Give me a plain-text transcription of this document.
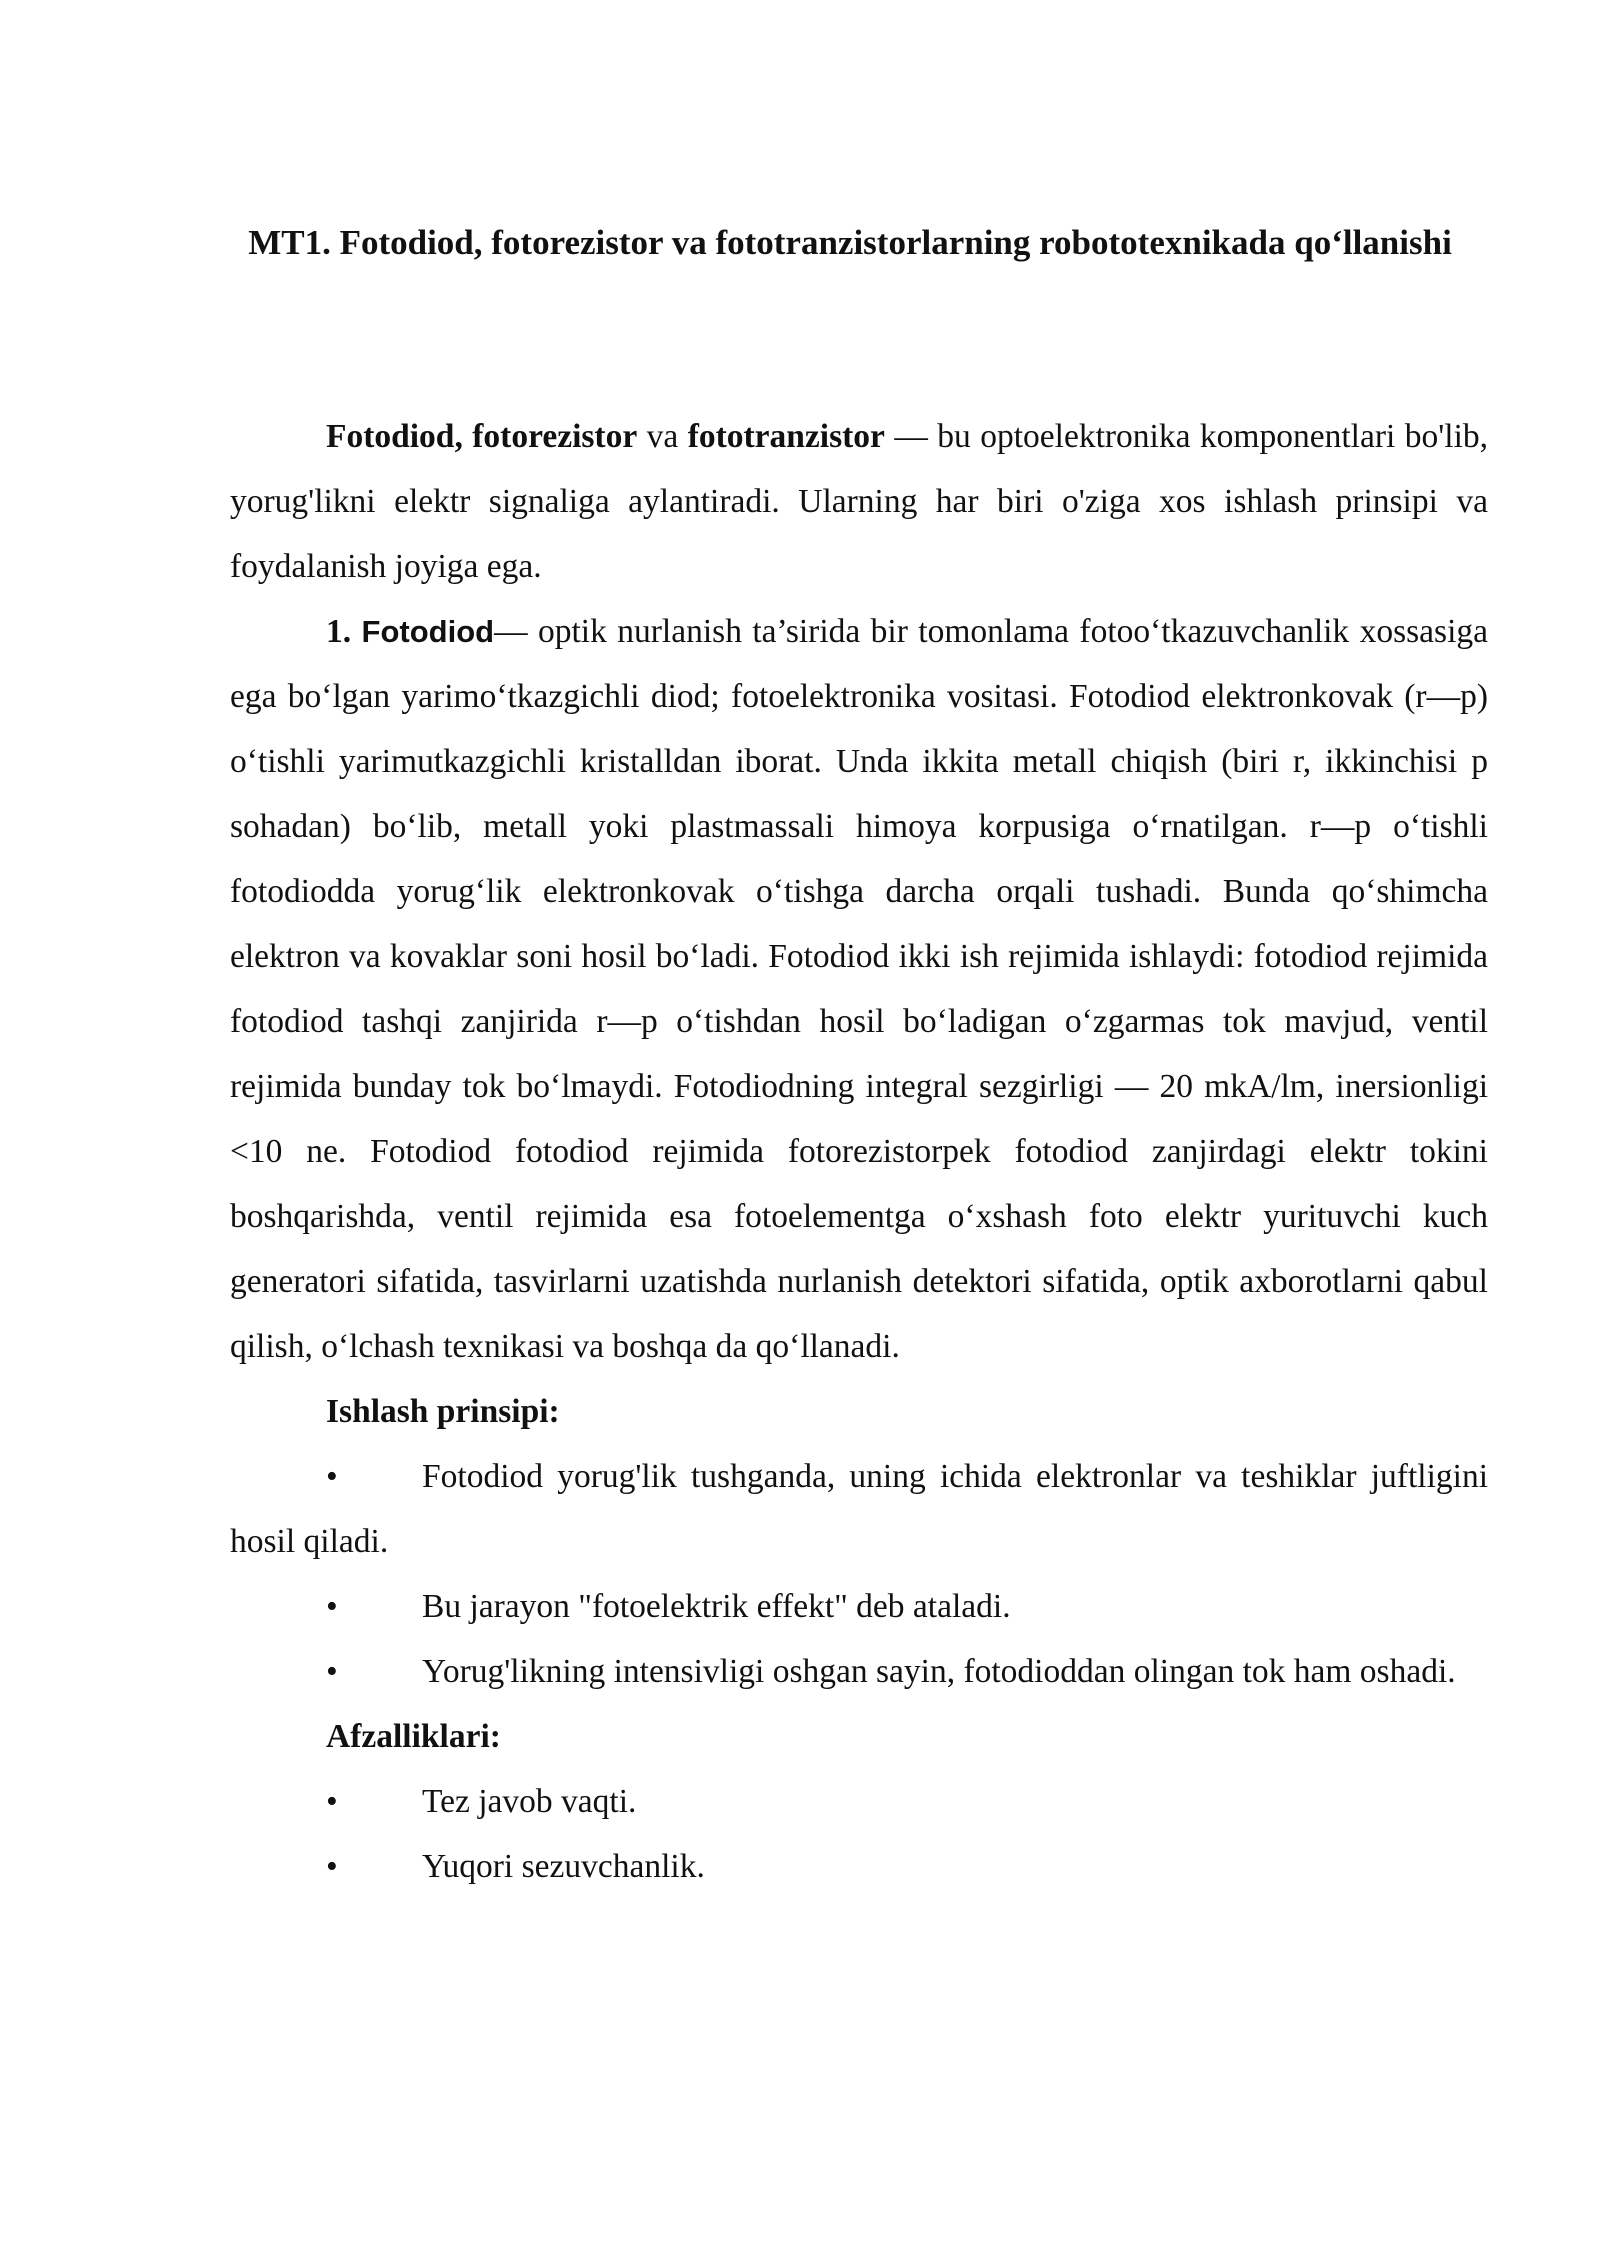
MT1. Fotodiod, fotorezistor va fototranzistorlarning robototexnikada qo‘llanishi

Fotodiod, fotorezistor va fototranzistor — bu optoelektronika komponentlari bo'lib, yorug'likni elektr signaliga aylantiradi. Ularning har biri o'ziga xos ishlash prinsipi va foydalanish joyiga ega.

1. Fotodiod— optik nurlanish ta’sirida bir tomonlama fotoo‘tkazuvchanlik xossasiga ega bo‘lgan yarimo‘tkazgichli diod; fotoelektronika vositasi. Fotodiod elektronkovak (r—p) o‘tishli yarimutkazgichli kristalldan iborat. Unda ikkita metall chiqish (biri r, ikkinchisi p sohadan) bo‘lib, metall yoki plastmassali himoya korpusiga o‘rnatilgan. r—p o‘tishli fotodiodda yorug‘lik elektronkovak o‘tishga darcha orqali tushadi. Bunda qo‘shimcha elektron va kovaklar soni hosil bo‘ladi. Fotodiod ikki ish rejimida ishlaydi: fotodiod rejimida fotodiod tashqi zanjirida r—p o‘tishdan hosil bo‘ladigan o‘zgarmas tok mavjud, ventil rejimida bunday tok bo‘lmaydi. Fotodiodning integral sezgirligi — 20 mkA/lm, inersionligi <10 ne. Fotodiod fotodiod rejimida fotorezistorpek fotodiod zanjirdagi elektr tokini boshqarishda, ventil rejimida esa fotoelementga o‘xshash foto elektr yurituvchi kuch generatori sifatida, tasvirlarni uzatishda nurlanish detektori sifatida, optik axborotlarni qabul qilish, o‘lchash texnikasi va boshqa da qo‘llanadi.

Ishlash prinsipi:

•	Fotodiod yorug'lik tushganda, uning ichida elektronlar va teshiklar juftligini hosil qiladi.

•	Bu jarayon "fotoelektrik effekt" deb ataladi.

•	Yorug'likning intensivligi oshgan sayin, fotodioddan olingan tok ham oshadi.

Afzalliklari:

•	Tez javob vaqti.

•	Yuqori sezuvchanlik.
